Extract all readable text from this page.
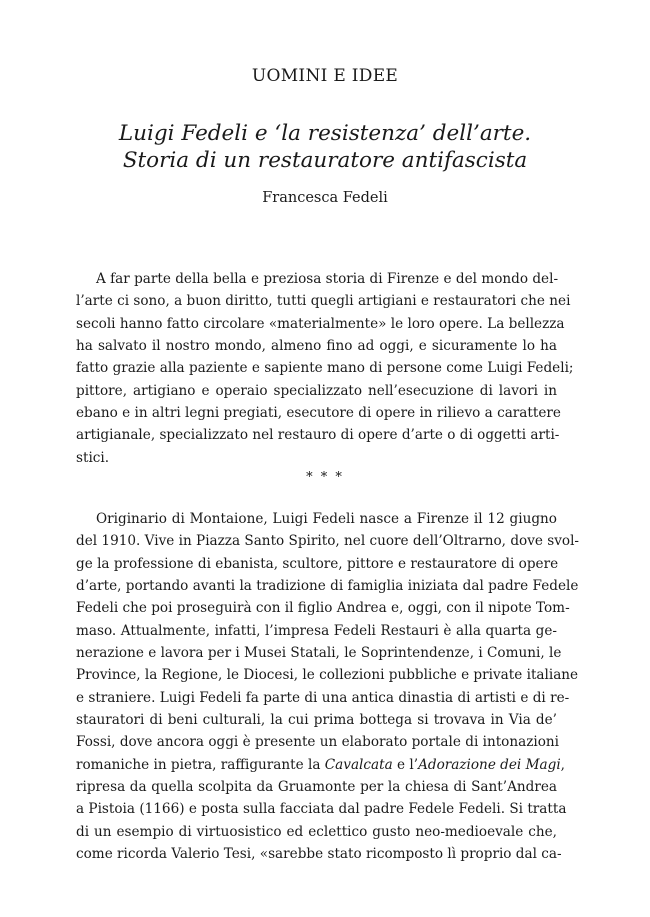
UOMINI E IDEE
Luigi Fedeli e ‘la resistenza’ dell’arte.
Storia di un restauratore antifascista

Francesca Fedeli

A far parte della bella e preziosa storia di Firenze e del mondo del-
l’arte ci sono, a buon diritto, tutti quegli artigiani e restauratori che nei
secoli hanno fatto circolare «materialmente» le loro opere. La bellezza
ha salvato il nostro mondo, almeno fino ad oggi, e sicuramente lo ha
fatto grazie alla paziente e sapiente mano di persone come Luigi Fedeli;
pittore, artigiano e operaio specializzato nell’esecuzione di lavori in
ebano e in altri legni pregiati, esecutore di opere in rilievo a carattere
artigianale, specializzato nel restauro di opere d’arte o di oggetti arti-
stici.
* * *
Originario di Montaione, Luigi Fedeli nasce a Firenze il 12 giugno
del 1910. Vive in Piazza Santo Spirito, nel cuore dell’Oltrarno, dove svol-
ge la professione di ebanista, scultore, pittore e restauratore di opere
d’arte, portando avanti la tradizione di famiglia iniziata dal padre Fedele
Fedeli che poi proseguirà con il figlio Andrea e, oggi, con il nipote Tom-
maso. Attualmente, infatti, l’impresa Fedeli Restauri è alla quarta ge-
nerazione e lavora per i Musei Statali, le Soprintendenze, i Comuni, le
Province, la Regione, le Diocesi, le collezioni pubbliche e private italiane
e straniere. Luigi Fedeli fa parte di una antica dinastia di artisti e di re-
stauratori di beni culturali, la cui prima bottega si trovava in Via de’
Fossi, dove ancora oggi è presente un elaborato portale di intonazioni
romaniche in pietra, raffigurante la Cavalcata e l’Adorazione dei Magi,
ripresa da quella scolpita da Gruamonte per la chiesa di Sant’Andrea
a Pistoia (1166) e posta sulla facciata dal padre Fedele Fedeli. Si tratta
di un esempio di virtuosistico ed eclettico gusto neo-medioevale che,
come ricorda Valerio Tesi, «sarebbe stato ricomposto lì proprio dal ca-
